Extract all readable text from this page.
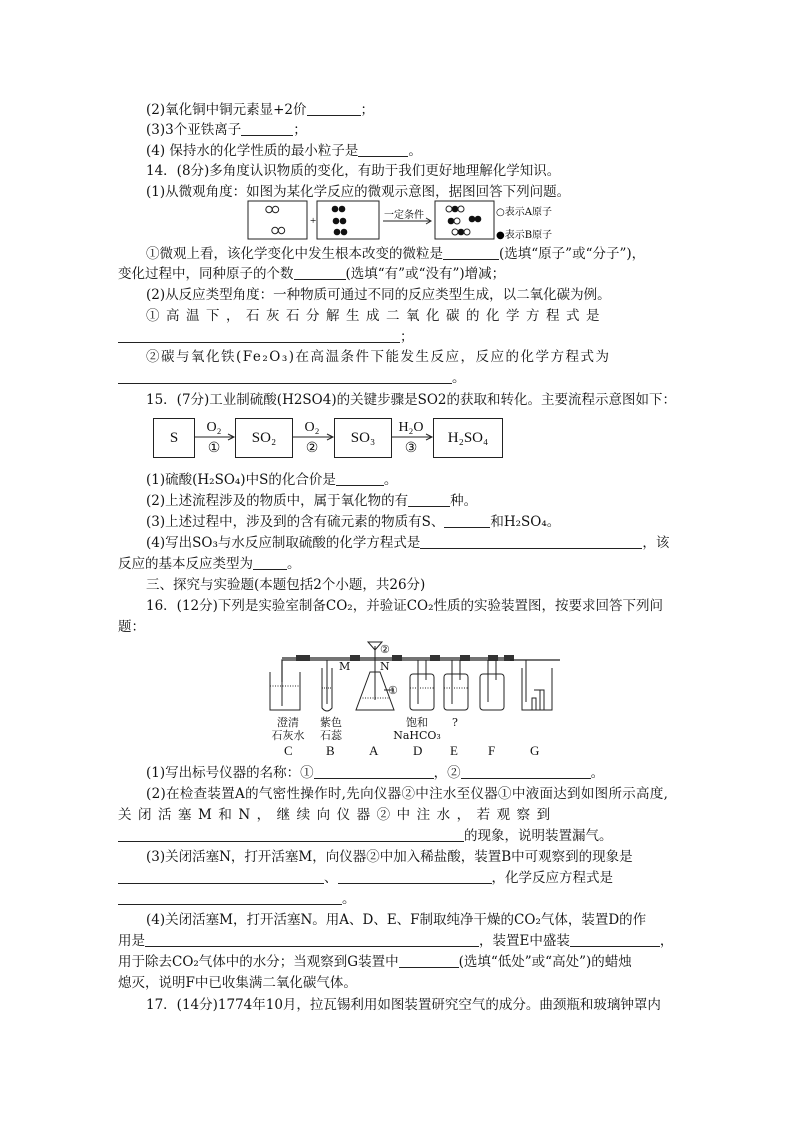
(2)氧化铜中铜元素显+2价	；
(3)3个亚铁离子	；
(4) 保持水的化学性质的最小粒子是	。
14．(8分)多角度认识物质的变化，有助于我们更好地理解化学知识。
(1)从微观角度：如图为某化学反应的微观示意图，据图回答下列问题。
+	一定条件	○表示A原子
●表示B原子
①微观上看，该化学变化中发生根本改变的微粒是	(选填“原子”或“分子”)，
变化过程中，同种原子的个数	(选填“有”或“没有”)增减；
(2)从反应类型角度：一种物质可通过不同的反应类型生成，以二氧化碳为例。
①高温下，石灰石分解生成二氧化碳的化学方程式是
；
②碳与氧化铁(Fe₂O₃)在高温条件下能发生反应，反应的化学方程式为
。
15．(7分)工业制硫酸(H2SO4)的关键步骤是SO2的获取和转化。主要流程示意图如下：
S	SO₂	SO₃	H₂SO₄
O₂
①
O₂
②
H₂O
③
(1)硫酸(H₂SO₄)中S的化合价是	。
(2)上述流程涉及的物质中，属于氧化物的有	种。
(3)上述过程中，涉及到的含有硫元素的物质有S、	和H₂SO₄。
(4)写出SO₃与水反应制取硫酸的化学方程式是	，该
反应的基本反应类型为	。
三、探究与实验题(本题包括2个小题，共26分)
16．(12分)下列是实验室制备CO₂，并验证CO₂性质的实验装置图，按要求回答下列问
题：
M	N
②
①
澄清
石灰水
紫色
石蕊
饱和
NaHCO₃
?
C	B	A	D E F	G
(1)写出标号仪器的名称：①	，②	。
(2)在检查装置A的气密性操作时,先向仪器②中注水至仪器①中液面达到如图所示高度,
关闭活塞M和N，继续向仪器②中注水，若观察到
的现象，说明装置漏气。
(3)关闭活塞N，打开活塞M，向仪器②中加入稀盐酸，装置B中可观察到的现象是
、	，化学反应方程式是
。
(4)关闭活塞M，打开活塞N。用A、D、E、F制取纯净干燥的CO₂气体，装置D的作
用是	，装置E中盛装	，
用于除去CO₂气体中的水分；当观察到G装置中	(选填“低处”或“高处”)的蜡烛
熄灭，说明F中已收集满二氧化碳气体。
17．(14分)1774年10月，拉瓦锡利用如图装置研究空气的成分。曲颈瓶和玻璃钟罩内
